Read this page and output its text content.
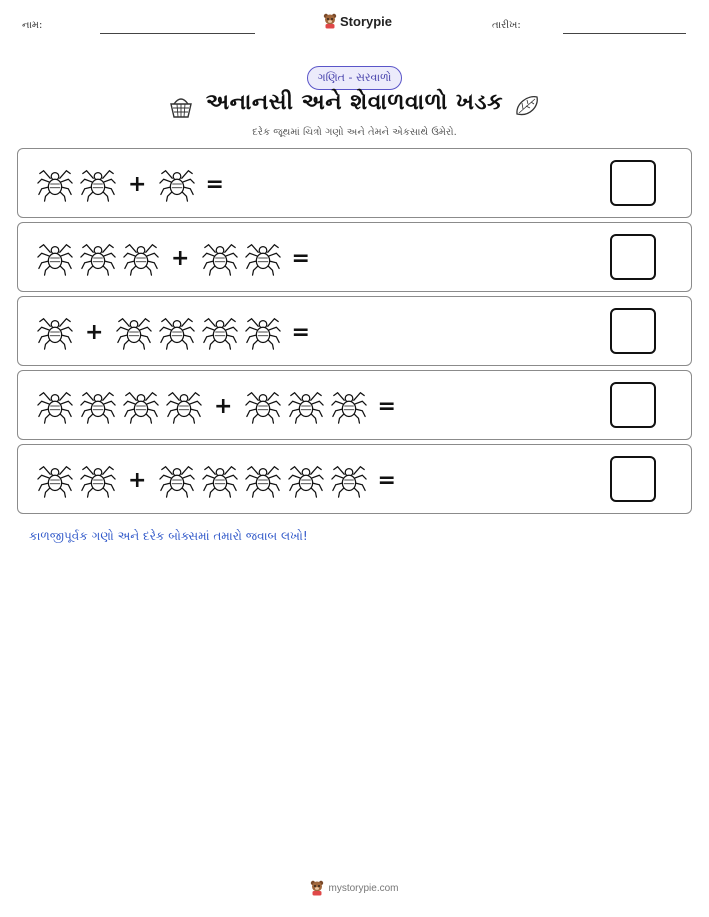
નામ:	Storypie	તારીખ:
ગણિત - સરવાળો
અનાનસી અને શેવાળવાળો ખડક
દરેક જૂથમાં ચિત્રો ગણો અને તેમને એકસાથે ઉમેરો.
+	=
+	=
+	=
+	=
+	=
કાળજીપૂર્વક ગણો અને દરેક બોક્સમાં તમારો જવાબ લખો!
mystorypie.com
